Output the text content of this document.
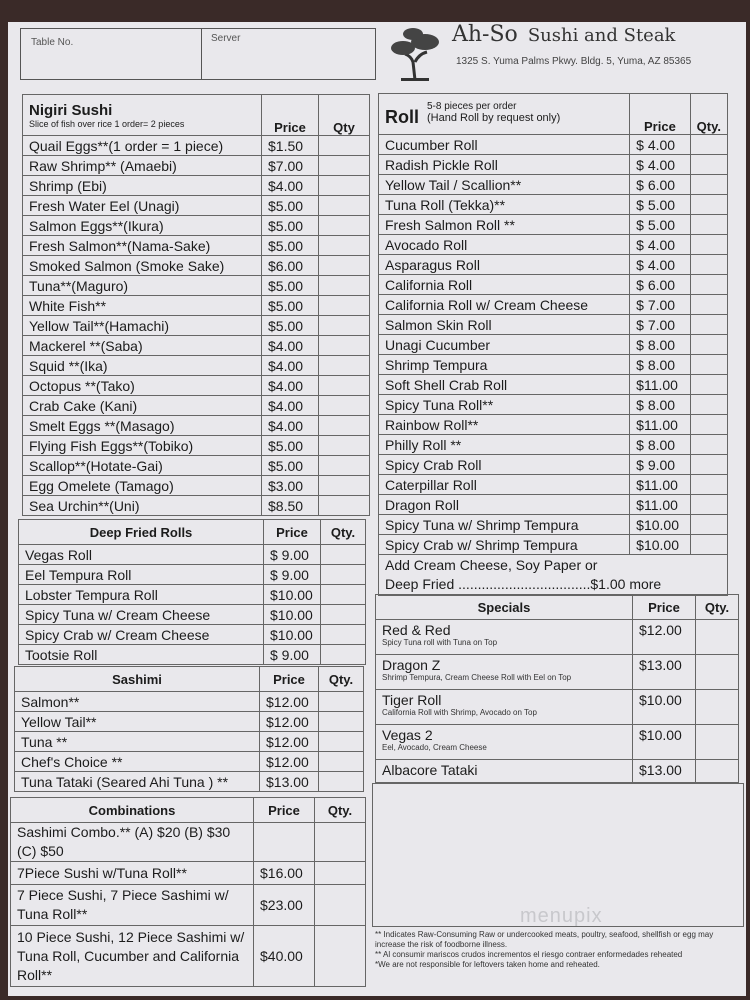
Table No.	Server	Ah-So Sushi and Steak
1325 S. Yuma Palms Pkwy. Bldg. 5, Yuma, AZ 85365
Nigiri Sushi
Slice of fish over rice 1 order= 2 pieces	Price	Qty
Quail Eggs**(1 order = 1 piece)	$1.50	
Raw Shrimp** (Amaebi)	$7.00	
Shrimp (Ebi)	$4.00	
Fresh Water Eel (Unagi)	$5.00	
Salmon Eggs**(Ikura)	$5.00	
Fresh Salmon**(Nama-Sake)	$5.00	
Smoked Salmon (Smoke Sake)	$6.00	
Tuna**(Maguro)	$5.00	
White Fish**	$5.00	
Yellow Tail**(Hamachi)	$5.00	
Mackerel **(Saba)	$4.00	
Squid **(Ika)	$4.00	
Octopus **(Tako)	$4.00	
Crab Cake (Kani)	$4.00	
Smelt Eggs **(Masago)	$4.00	
Flying Fish Eggs**(Tobiko)	$5.00	
Scallop**(Hotate-Gai)	$5.00	
Egg Omelete (Tamago)	$3.00	
Sea Urchin**(Uni)	$8.50	
Deep Fried Rolls	Price	Qty.
Vegas Roll	$ 9.00	
Eel Tempura Roll	$ 9.00	
Lobster Tempura Roll	$10.00	
Spicy Tuna w/ Cream Cheese	$10.00	
Spicy Crab w/ Cream Cheese	$10.00	
Tootsie Roll	$ 9.00	
Sashimi	Price	Qty.
Salmon**	$12.00	
Yellow Tail**	$12.00	
Tuna **	$12.00	
Chef's Choice **	$12.00	
Tuna Tataki (Seared Ahi Tuna ) **	$13.00	
Combinations	Price	Qty.
Sashimi Combo.** (A) $20 (B) $30 (C) $50		
7Piece Sushi w/Tuna Roll**	$16.00	
7 Piece Sushi, 7 Piece Sashimi w/ Tuna Roll**	$23.00	
10 Piece Sushi, 12 Piece Sashimi w/ Tuna Roll, Cucumber and California Roll**	$40.00	
Roll
5-8 pieces per order
(Hand Roll by request only)	Price	Qty.
Cucumber Roll	$ 4.00	
Radish Pickle Roll	$ 4.00	
Yellow Tail / Scallion**	$ 6.00	
Tuna Roll (Tekka)**	$ 5.00	
Fresh Salmon Roll **	$ 5.00	
Avocado Roll	$ 4.00	
Asparagus Roll	$ 4.00	
California Roll	$ 6.00	
California Roll w/ Cream Cheese	$ 7.00	
Salmon Skin Roll	$ 7.00	
Unagi Cucumber	$ 8.00	
Shrimp Tempura	$ 8.00	
Soft Shell Crab Roll	$11.00	
Spicy Tuna Roll**	$ 8.00	
Rainbow Roll**	$11.00	
Philly Roll **	$ 8.00	
Spicy Crab Roll	$ 9.00	
Caterpillar Roll	$11.00	
Dragon Roll	$11.00	
Spicy Tuna w/ Shrimp Tempura	$10.00	
Spicy Crab w/ Shrimp Tempura	$10.00	

Add Cream Cheese, Soy Paper or
Deep Fried ..................................$1.00 more		
Specials	Price	Qty.

Red & Red
Spicy Tuna roll with Tuna on Top	$12.00	

Dragon Z
Shrimp Tempura, Cream Cheese Roll with Eel on Top	$13.00	

Tiger Roll
California Roll with Shrimp, Avocado on Top	$10.00	

Vegas 2
Eel, Avocado, Cream Cheese	$10.00	

Albacore Tataki	$13.00	
menupix
** Indicates Raw-Consuming Raw or undercooked meats, poultry, seafood, shellfish or egg may increase the risk of foodborne illness.
** Al consumir mariscos crudos incrementos el riesgo contraer enformedades reheated
*We are not responsible for leftovers taken home and reheated.
